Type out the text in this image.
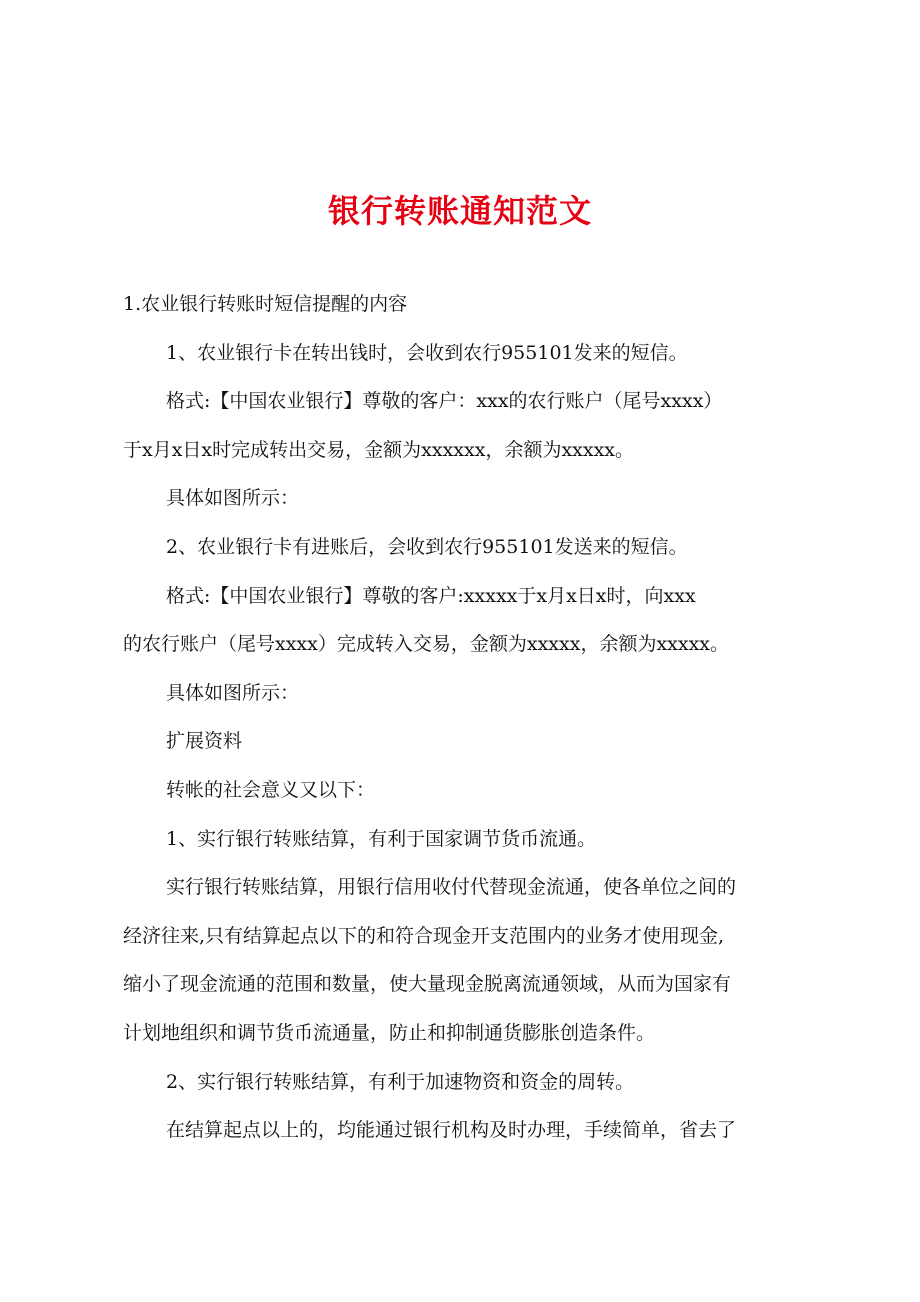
银行转账通知范文

1.农业银行转账时短信提醒的内容

1、农业银行卡在转出钱时，会收到农行955101发来的短信。

格式:【中国农业银行】尊敬的客户：xxx的农行账户（尾号xxxx）

于x月x日x时完成转出交易，金额为xxxxxx，余额为xxxxx。

具体如图所示：

2、农业银行卡有进账后，会收到农行955101发送来的短信。

格式:【中国农业银行】尊敬的客户:xxxxx于x月x日x时，向xxx

的农行账户（尾号xxxx）完成转入交易，金额为xxxxx，余额为xxxxx。

具体如图所示：

扩展资料

转帐的社会意义又以下：

1、实行银行转账结算，有利于国家调节货币流通。

实行银行转账结算，用银行信用收付代替现金流通，使各单位之间的

经济往来,只有结算起点以下的和符合现金开支范围内的业务才使用现金,

缩小了现金流通的范围和数量，使大量现金脱离流通领域，从而为国家有

计划地组织和调节货币流通量，防止和抑制通货膨胀创造条件。

2、实行银行转账结算，有利于加速物资和资金的周转。

在结算起点以上的，均能通过银行机构及时办理，手续简单，省去了
